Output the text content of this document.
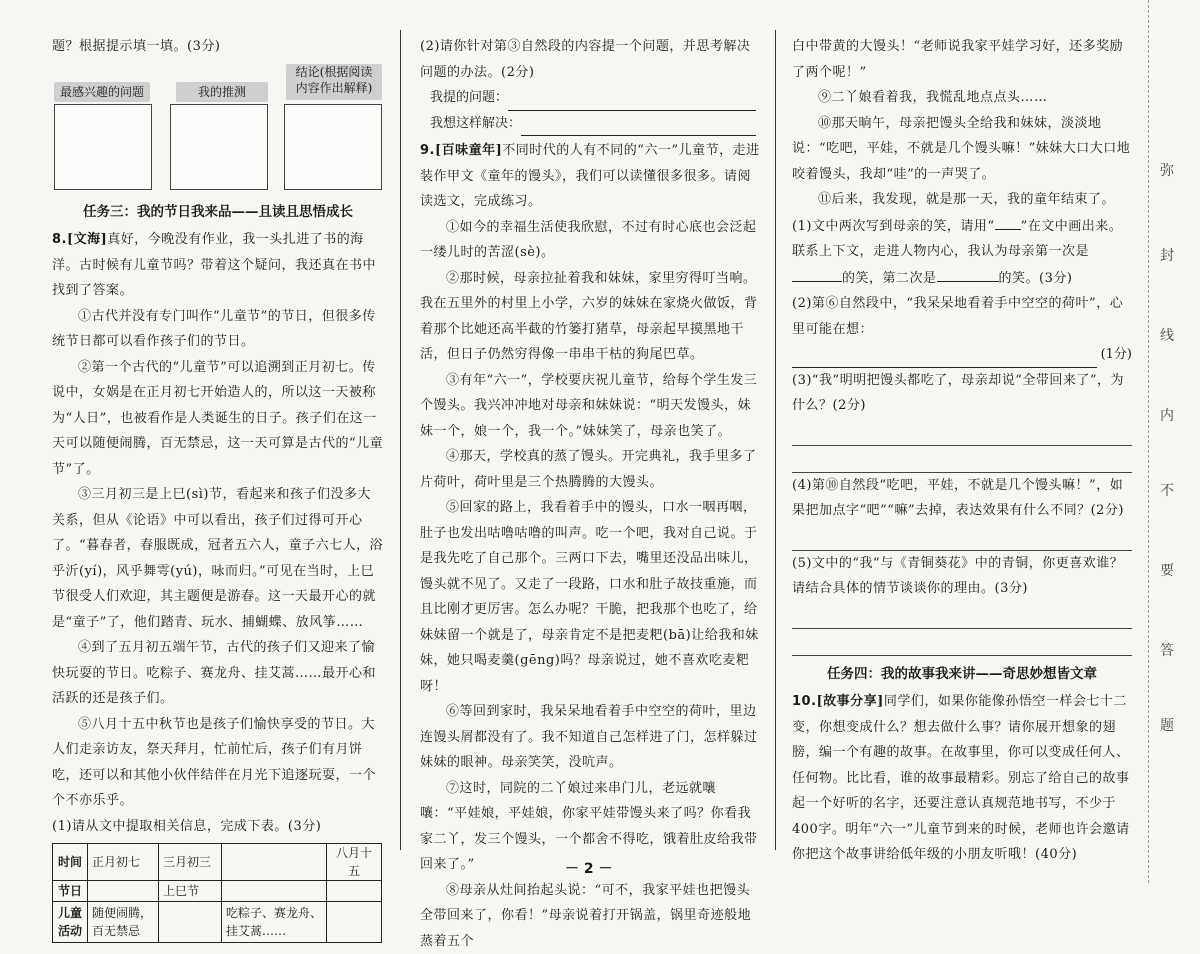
题？根据提示填一填。(3分)

最感兴趣的问题	我的推测
结论(根据阅读
内容作出解释)
任务三：我的节日我来品——且读且思悟成长

8.[文海]真好，今晚没有作业，我一头扎进了书的海洋。古时候有儿童节吗？带着这个疑问，我还真在书中找到了答案。

①古代并没有专门叫作“儿童节”的节日，但很多传统节日都可以看作孩子们的节日。

②第一个古代的“儿童节”可以追溯到正月初七。传说中，女娲是在正月初七开始造人的，所以这一天被称为“人日”，也被看作是人类诞生的日子。孩子们在这一天可以随便闹腾，百无禁忌，这一天可算是古代的“儿童节”了。

③三月初三是上巳(sì)节，看起来和孩子们没多大关系，但从《论语》中可以看出，孩子们过得可开心了。“暮春者，春服既成，冠者五六人，童子六七人，浴乎沂(yí)，风乎舞雩(yú)，咏而归。”可见在当时，上巳节很受人们欢迎，其主题便是游春。这一天最开心的就是“童子”了，他们踏青、玩水、捕蝴蝶、放风筝……

④到了五月初五端午节，古代的孩子们又迎来了愉快玩耍的节日。吃粽子、赛龙舟、挂艾蒿……最开心和活跃的还是孩子们。

⑤八月十五中秋节也是孩子们愉快享受的节日。大人们走亲访友，祭天拜月，忙前忙后，孩子们有月饼吃，还可以和其他小伙伴结伴在月光下追逐玩耍，一个个不亦乐乎。

(1)请从文中提取相关信息，完成下表。(3分)

时间	正月初七	三月初三		八月十五
节日		上巳节		
儿童活动	随便闹腾，百无禁忌		吃粽子、赛龙舟、挂艾蒿……	

(2)请你针对第③自然段的内容提一个问题，并思考解决问题的办法。(2分)

我提的问题：
我想这样解决：

9.[百味童年]不同时代的人有不同的“六一”儿童节，走进装作甲文《童年的馒头》，我们可以读懂很多很多。请阅读选文，完成练习。

①如今的幸福生活使我欣慰，不过有时心底也会泛起一缕儿时的苦涩(sè)。

②那时候，母亲拉扯着我和妹妹，家里穷得叮当响。我在五里外的村里上小学，六岁的妹妹在家烧火做饭，背着那个比她还高半截的竹篓打猪草，母亲起早摸黑地干活，但日子仍然穷得像一串串干枯的狗尾巴草。

③有年“六一”，学校要庆祝儿童节，给每个学生发三个馒头。我兴冲冲地对母亲和妹妹说：“明天发馒头，妹妹一个，娘一个，我一个。”妹妹笑了，母亲也笑了。

④那天，学校真的蒸了馒头。开完典礼，我手里多了片荷叶，荷叶里是三个热腾腾的大馒头。

⑤回家的路上，我看着手中的馒头，口水一咽再咽，肚子也发出咕噜咕噜的叫声。吃一个吧，我对自己说。于是我先吃了自己那个。三两口下去，嘴里还没品出味儿，馒头就不见了。又走了一段路，口水和肚子故技重施，而且比刚才更厉害。怎么办呢？干脆，把我那个也吃了，给妹妹留一个就是了，母亲肯定不是把麦粑(bā)让给我和妹妹，她只喝麦羹(gēng)吗？母亲说过，她不喜欢吃麦粑呀！

⑥等回到家时，我呆呆地看着手中空空的荷叶，里边连馒头屑都没有了。我不知道自己怎样进了门，怎样躲过妹妹的眼神。母亲笑笑，没吭声。

⑦这时，同院的二丫娘过来串门儿，老远就嚷嚷：“平娃娘，平娃娘，你家平娃带馒头来了吗？你看我家二丫，发三个馒头，一个都舍不得吃，饿着肚皮给我带回来了。”

⑧母亲从灶间抬起头说：“可不，我家平娃也把馒头全带回来了，你看！”母亲说着打开锅盖，锅里奇迹般地蒸着五个

白中带黄的大馒头！“老师说我家平娃学习好，还多奖励了两个呢！”

⑨二丫娘看着我，我慌乱地点点头……

⑩那天晌午，母亲把馒头全给我和妹妹，淡淡地说：“吃吧，平娃，不就是几个馒头嘛！”妹妹大口大口地咬着馒头，我却“哇”的一声哭了。

⑪后来，我发现，就是那一天，我的童年结束了。

(1)文中两次写到母亲的笑，请用“ ”在文中画出来。联系上下文，走进人物内心，我认为母亲第一次是的笑，第二次是	的笑。(3分)

(2)第⑥自然段中，“我呆呆地看着手中空空的荷叶”，心里可能在想：

(1分)

(3)“我”明明把馒头都吃了，母亲却说“全带回来了”，为什么？(2分)

(4)第⑩自然段“吃吧，平娃，不就是几个馒头嘛！”，如果把加点字“吧”“嘛”去掉，表达效果有什么不同？(2分)

(5)文中的“我”与《青铜葵花》中的青铜，你更喜欢谁？请结合具体的情节谈谈你的理由。(3分)

任务四：我的故事我来讲——奇思妙想皆文章

10.[故事分享]同学们，如果你能像孙悟空一样会七十二变，你想变成什么？想去做什么事？请你展开想象的翅膀，编一个有趣的故事。在故事里，你可以变成任何人、任何物。比比看，谁的故事最精彩。别忘了给自己的故事起一个好听的名字，还要注意认真规范地书写，不少于400字。明年“六一”儿童节到来的时候，老师也许会邀请你把这个故事讲给低年级的小朋友听哦！(40分)

弥
封
线
内
不
要
答
题
－ 2 －
